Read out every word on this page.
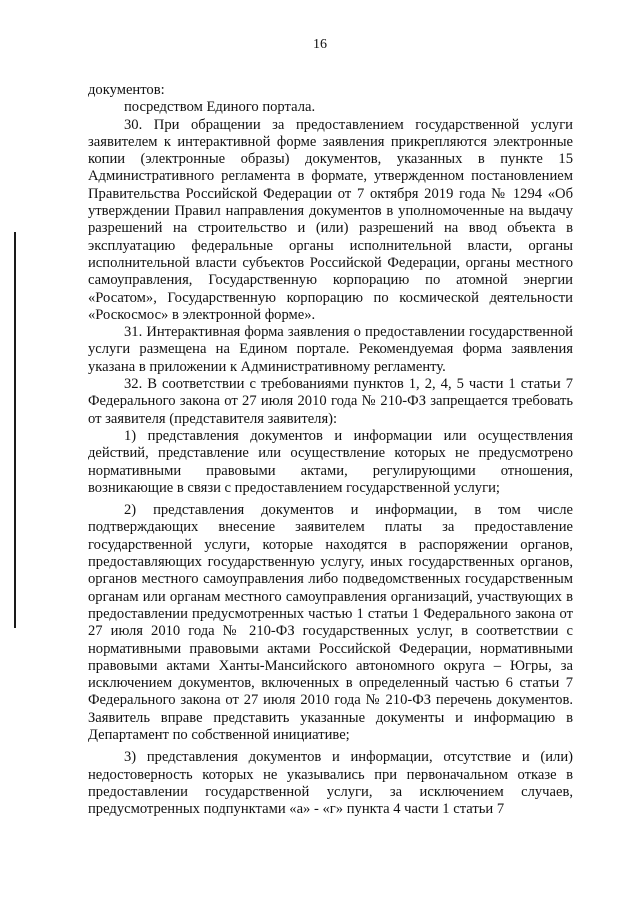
16

документов:

посредством Единого портала.

30. При обращении за предоставлением государственной услуги заявителем к интерактивной форме заявления прикрепляются электронные копии (электронные образы) документов, указанных в пункте 15 Административного регламента в формате, утвержденном постановлением Правительства Российской Федерации от 7 октября 2019 года № 1294 «Об утверждении Правил направления документов в уполномоченные на выдачу разрешений на строительство и (или) разрешений на ввод объекта в эксплуатацию федеральные органы исполнительной власти, органы исполнительной власти субъектов Российской Федерации, органы местного самоуправления, Государственную корпорацию по атомной энергии «Росатом», Государственную корпорацию по космической деятельности «Роскосмос» в электронной форме».

31. Интерактивная форма заявления о предоставлении государственной услуги размещена на Едином портале. Рекомендуемая форма заявления указана в приложении к Административному регламенту.

32. В соответствии с требованиями пунктов 1, 2, 4, 5 части 1 статьи 7 Федерального закона от 27 июля 2010 года № 210-ФЗ запрещается требовать от заявителя (представителя заявителя):

1) представления документов и информации или осуществления действий, представление или осуществление которых не предусмотрено нормативными правовыми актами, регулирующими отношения, возникающие в связи с предоставлением государственной услуги;

2) представления документов и информации, в том числе подтверждающих внесение заявителем платы за предоставление государственной услуги, которые находятся в распоряжении органов, предоставляющих государственную услугу, иных государственных органов, органов местного самоуправления либо подведомственных государственным органам или органам местного самоуправления организаций, участвующих в предоставлении предусмотренных частью 1 статьи 1 Федерального закона от 27 июля 2010 года № 210-ФЗ государственных услуг, в соответствии с нормативными правовыми актами Российской Федерации, нормативными правовыми актами Ханты-Мансийского автономного округа – Югры, за исключением документов, включенных в определенный частью 6 статьи 7 Федерального закона от 27 июля 2010 года № 210-ФЗ перечень документов. Заявитель вправе представить указанные документы и информацию в Департамент по собственной инициативе;

3) представления документов и информации, отсутствие и (или) недостоверность которых не указывались при первоначальном отказе в предоставлении государственной услуги, за исключением случаев, предусмотренных подпунктами «а» - «г» пункта 4 части 1 статьи 7
